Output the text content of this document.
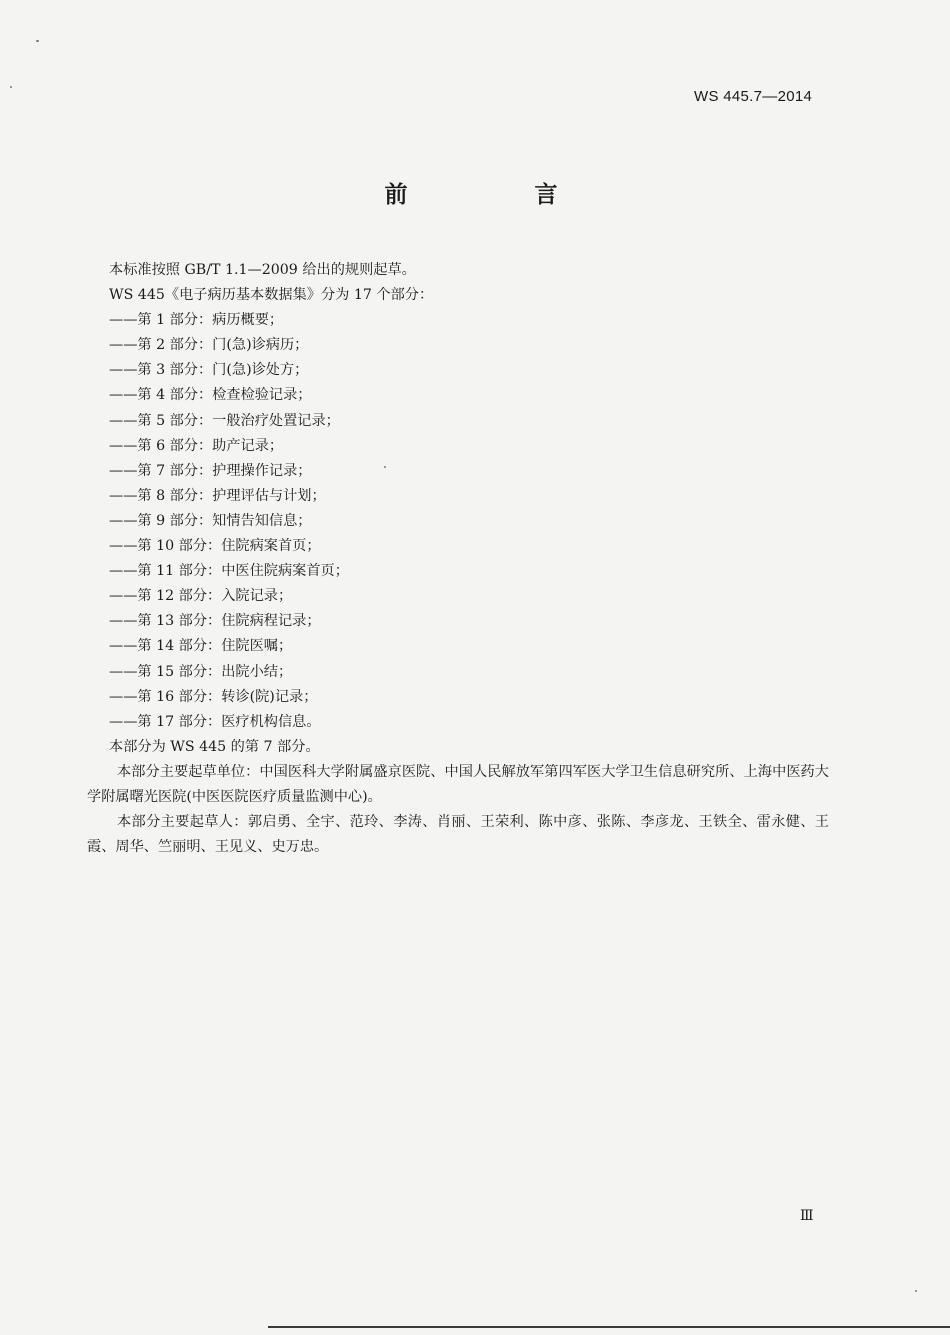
WS 445.7—2014
前　言
本标准按照 GB/T 1.1—2009 给出的规则起草。
WS 445《电子病历基本数据集》分为 17 个部分：
——第 1 部分：病历概要；
——第 2 部分：门(急)诊病历；
——第 3 部分：门(急)诊处方；
——第 4 部分：检查检验记录；
——第 5 部分：一般治疗处置记录；
——第 6 部分：助产记录；
——第 7 部分：护理操作记录；
——第 8 部分：护理评估与计划；
——第 9 部分：知情告知信息；
——第 10 部分：住院病案首页；
——第 11 部分：中医住院病案首页；
——第 12 部分：入院记录；
——第 13 部分：住院病程记录；
——第 14 部分：住院医嘱；
——第 15 部分：出院小结；
——第 16 部分：转诊(院)记录；
——第 17 部分：医疗机构信息。
本部分为 WS 445 的第 7 部分。
本部分主要起草单位：中国医科大学附属盛京医院、中国人民解放军第四军医大学卫生信息研究所、上海中医药大学附属曙光医院(中医医院医疗质量监测中心)。
本部分主要起草人：郭启勇、全宇、范玲、李涛、肖丽、王荣利、陈中彦、张陈、李彦龙、王铁全、雷永健、王霞、周华、竺丽明、王见义、史万忠。
Ⅲ
